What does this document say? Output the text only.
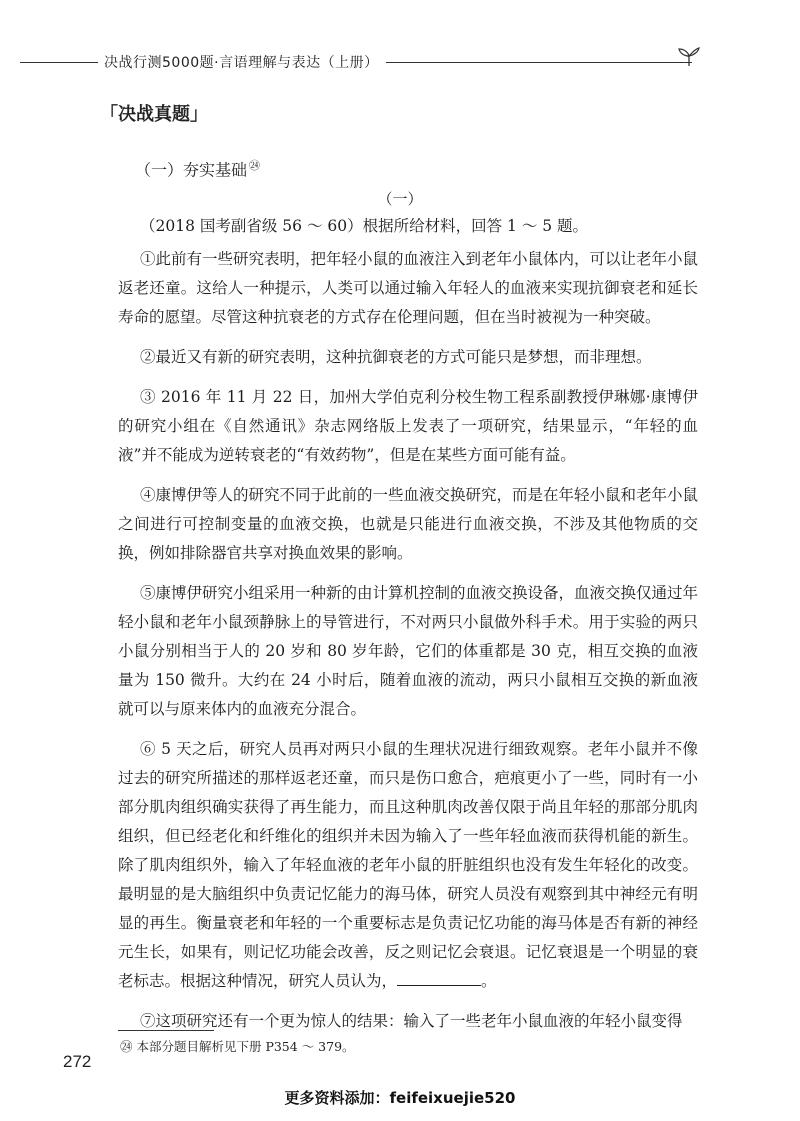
决战行测5000题·言语理解与表达（上册）
「决战真题」
（一）夯实基础 $^㉔$
（一）

（2018 国考副省级 56 ～ 60）根据所给材料，回答 1 ～ 5 题。

①此前有一些研究表明，把年轻小鼠的血液注入到老年小鼠体内，可以让老年小鼠返老还童。这给人一种提示，人类可以通过输入年轻人的血液来实现抗御衰老和延长寿命的愿望。尽管这种抗衰老的方式存在伦理问题，但在当时被视为一种突破。

②最近又有新的研究表明，这种抗御衰老的方式可能只是梦想，而非理想。

③ 2016 年 11 月 22 日，加州大学伯克利分校生物工程系副教授伊琳娜·康博伊的研究小组在《自然通讯》杂志网络版上发表了一项研究，结果显示，“年轻的血液”并不能成为逆转衰老的“有效药物”，但是在某些方面可能有益。

④康博伊等人的研究不同于此前的一些血液交换研究，而是在年轻小鼠和老年小鼠之间进行可控制变量的血液交换，也就是只能进行血液交换，不涉及其他物质的交换，例如排除器官共享对换血效果的影响。

⑤康博伊研究小组采用一种新的由计算机控制的血液交换设备，血液交换仅通过年轻小鼠和老年小鼠颈静脉上的导管进行，不对两只小鼠做外科手术。用于实验的两只小鼠分别相当于人的 20 岁和 80 岁年龄，它们的体重都是 30 克，相互交换的血液量为 150 微升。大约在 24 小时后，随着血液的流动，两只小鼠相互交换的新血液就可以与原来体内的血液充分混合。

⑥ 5 天之后，研究人员再对两只小鼠的生理状况进行细致观察。老年小鼠并不像过去的研究所描述的那样返老还童，而只是伤口愈合，疤痕更小了一些，同时有一小部分肌肉组织确实获得了再生能力，而且这种肌肉改善仅限于尚且年轻的那部分肌肉组织，但已经老化和纤维化的组织并未因为输入了一些年轻血液而获得机能的新生。除了肌肉组织外，输入了年轻血液的老年小鼠的肝脏组织也没有发生年轻化的改变。最明显的是大脑组织中负责记忆能力的海马体，研究人员没有观察到其中神经元有明显的再生。衡量衰老和年轻的一个重要标志是负责记忆功能的海马体是否有新的神经元生长，如果有，则记忆功能会改善，反之则记忆会衰退。记忆衰退是一个明显的衰老标志。根据这种情况，研究人员认为，	。

⑦这项研究还有一个更为惊人的结果：输入了一些老年小鼠血液的年轻小鼠变得

㉔ 本部分题目解析见下册 P354 ～ 379。
272
更多资料添加：feifeixuejie520
